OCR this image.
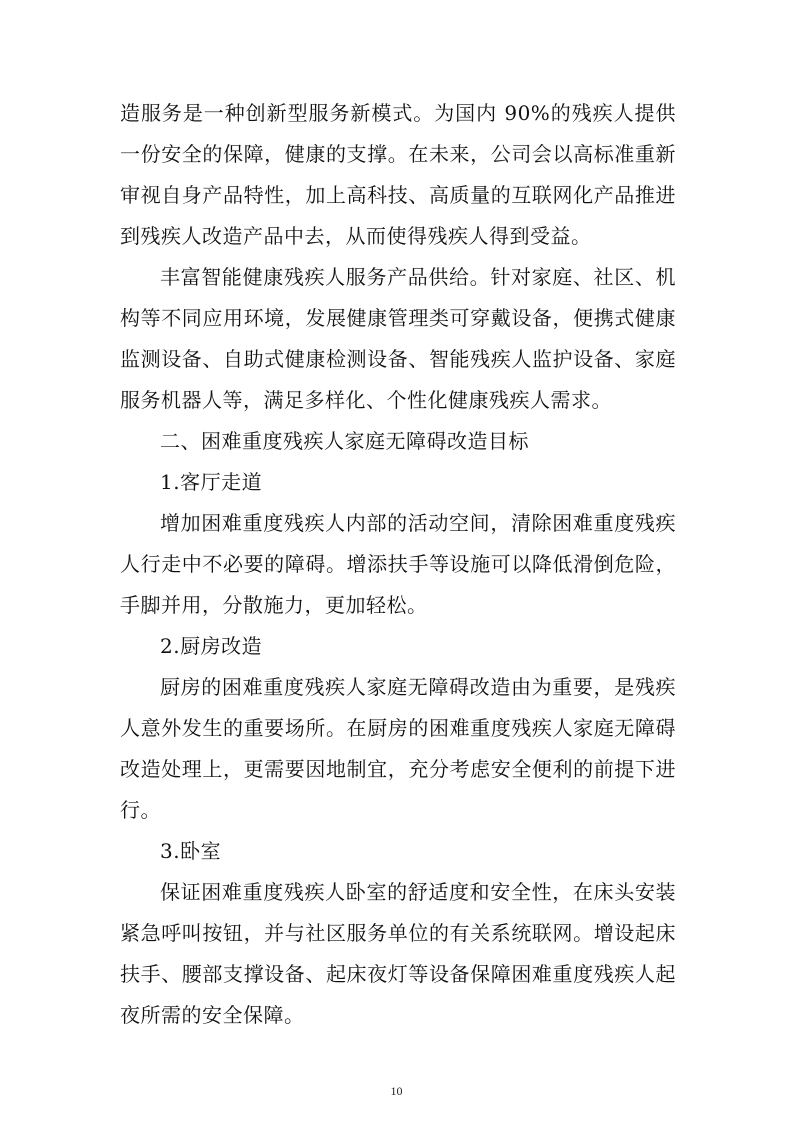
造服务是一种创新型服务新模式。为国内 90%的残疾人提供一份安全的保障，健康的支撑。在未来，公司会以高标准重新审视自身产品特性，加上高科技、高质量的互联网化产品推进到残疾人改造产品中去，从而使得残疾人得到受益。

丰富智能健康残疾人服务产品供给。针对家庭、社区、机构等不同应用环境，发展健康管理类可穿戴设备，便携式健康监测设备、自助式健康检测设备、智能残疾人监护设备、家庭服务机器人等，满足多样化、个性化健康残疾人需求。

二、困难重度残疾人家庭无障碍改造目标

1.客厅走道

增加困难重度残疾人内部的活动空间，清除困难重度残疾人行走中不必要的障碍。增添扶手等设施可以降低滑倒危险，手脚并用，分散施力，更加轻松。

2.厨房改造

厨房的困难重度残疾人家庭无障碍改造由为重要，是残疾人意外发生的重要场所。在厨房的困难重度残疾人家庭无障碍改造处理上，更需要因地制宜，充分考虑安全便利的前提下进行。

3.卧室

保证困难重度残疾人卧室的舒适度和安全性，在床头安装紧急呼叫按钮，并与社区服务单位的有关系统联网。增设起床扶手、腰部支撑设备、起床夜灯等设备保障困难重度残疾人起夜所需的安全保障。

10
